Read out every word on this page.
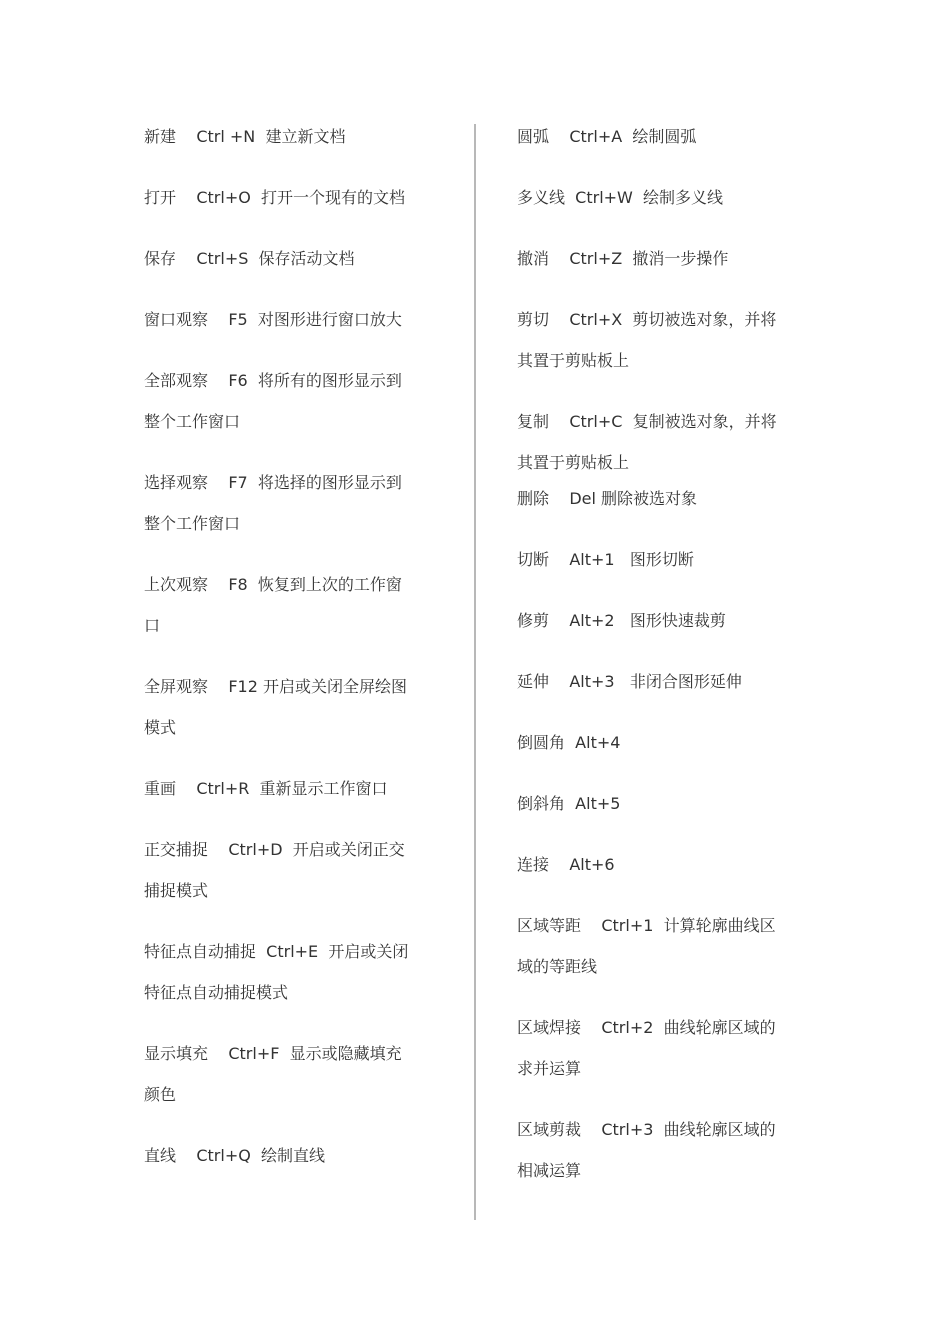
新建    Ctrl +N  建立新文档
打开    Ctrl+O  打开一个现有的文档
保存    Ctrl+S  保存活动文档
窗口观察    F5  对图形进行窗口放大
全部观察    F6  将所有的图形显示到
整个工作窗口
选择观察    F7  将选择的图形显示到
整个工作窗口
上次观察    F8  恢复到上次的工作窗
口
全屏观察    F12 开启或关闭全屏绘图
模式
重画    Ctrl+R  重新显示工作窗口
正交捕捉    Ctrl+D  开启或关闭正交
捕捉模式
特征点自动捕捉  Ctrl+E  开启或关闭
特征点自动捕捉模式
显示填充    Ctrl+F  显示或隐藏填充
颜色
直线    Ctrl+Q  绘制直线
圆弧    Ctrl+A  绘制圆弧
多义线  Ctrl+W  绘制多义线
撤消    Ctrl+Z  撤消一步操作
剪切    Ctrl+X  剪切被选对象，并将
其置于剪贴板上
复制    Ctrl+C  复制被选对象，并将
其置于剪贴板上
删除    Del 删除被选对象
切断    Alt+1   图形切断
修剪    Alt+2   图形快速裁剪
延伸    Alt+3   非闭合图形延伸
倒圆角  Alt+4
倒斜角  Alt+5
连接    Alt+6
区域等距    Ctrl+1  计算轮廓曲线区
域的等距线
区域焊接    Ctrl+2  曲线轮廓区域的
求并运算
区域剪裁    Ctrl+3  曲线轮廓区域的
相减运算
